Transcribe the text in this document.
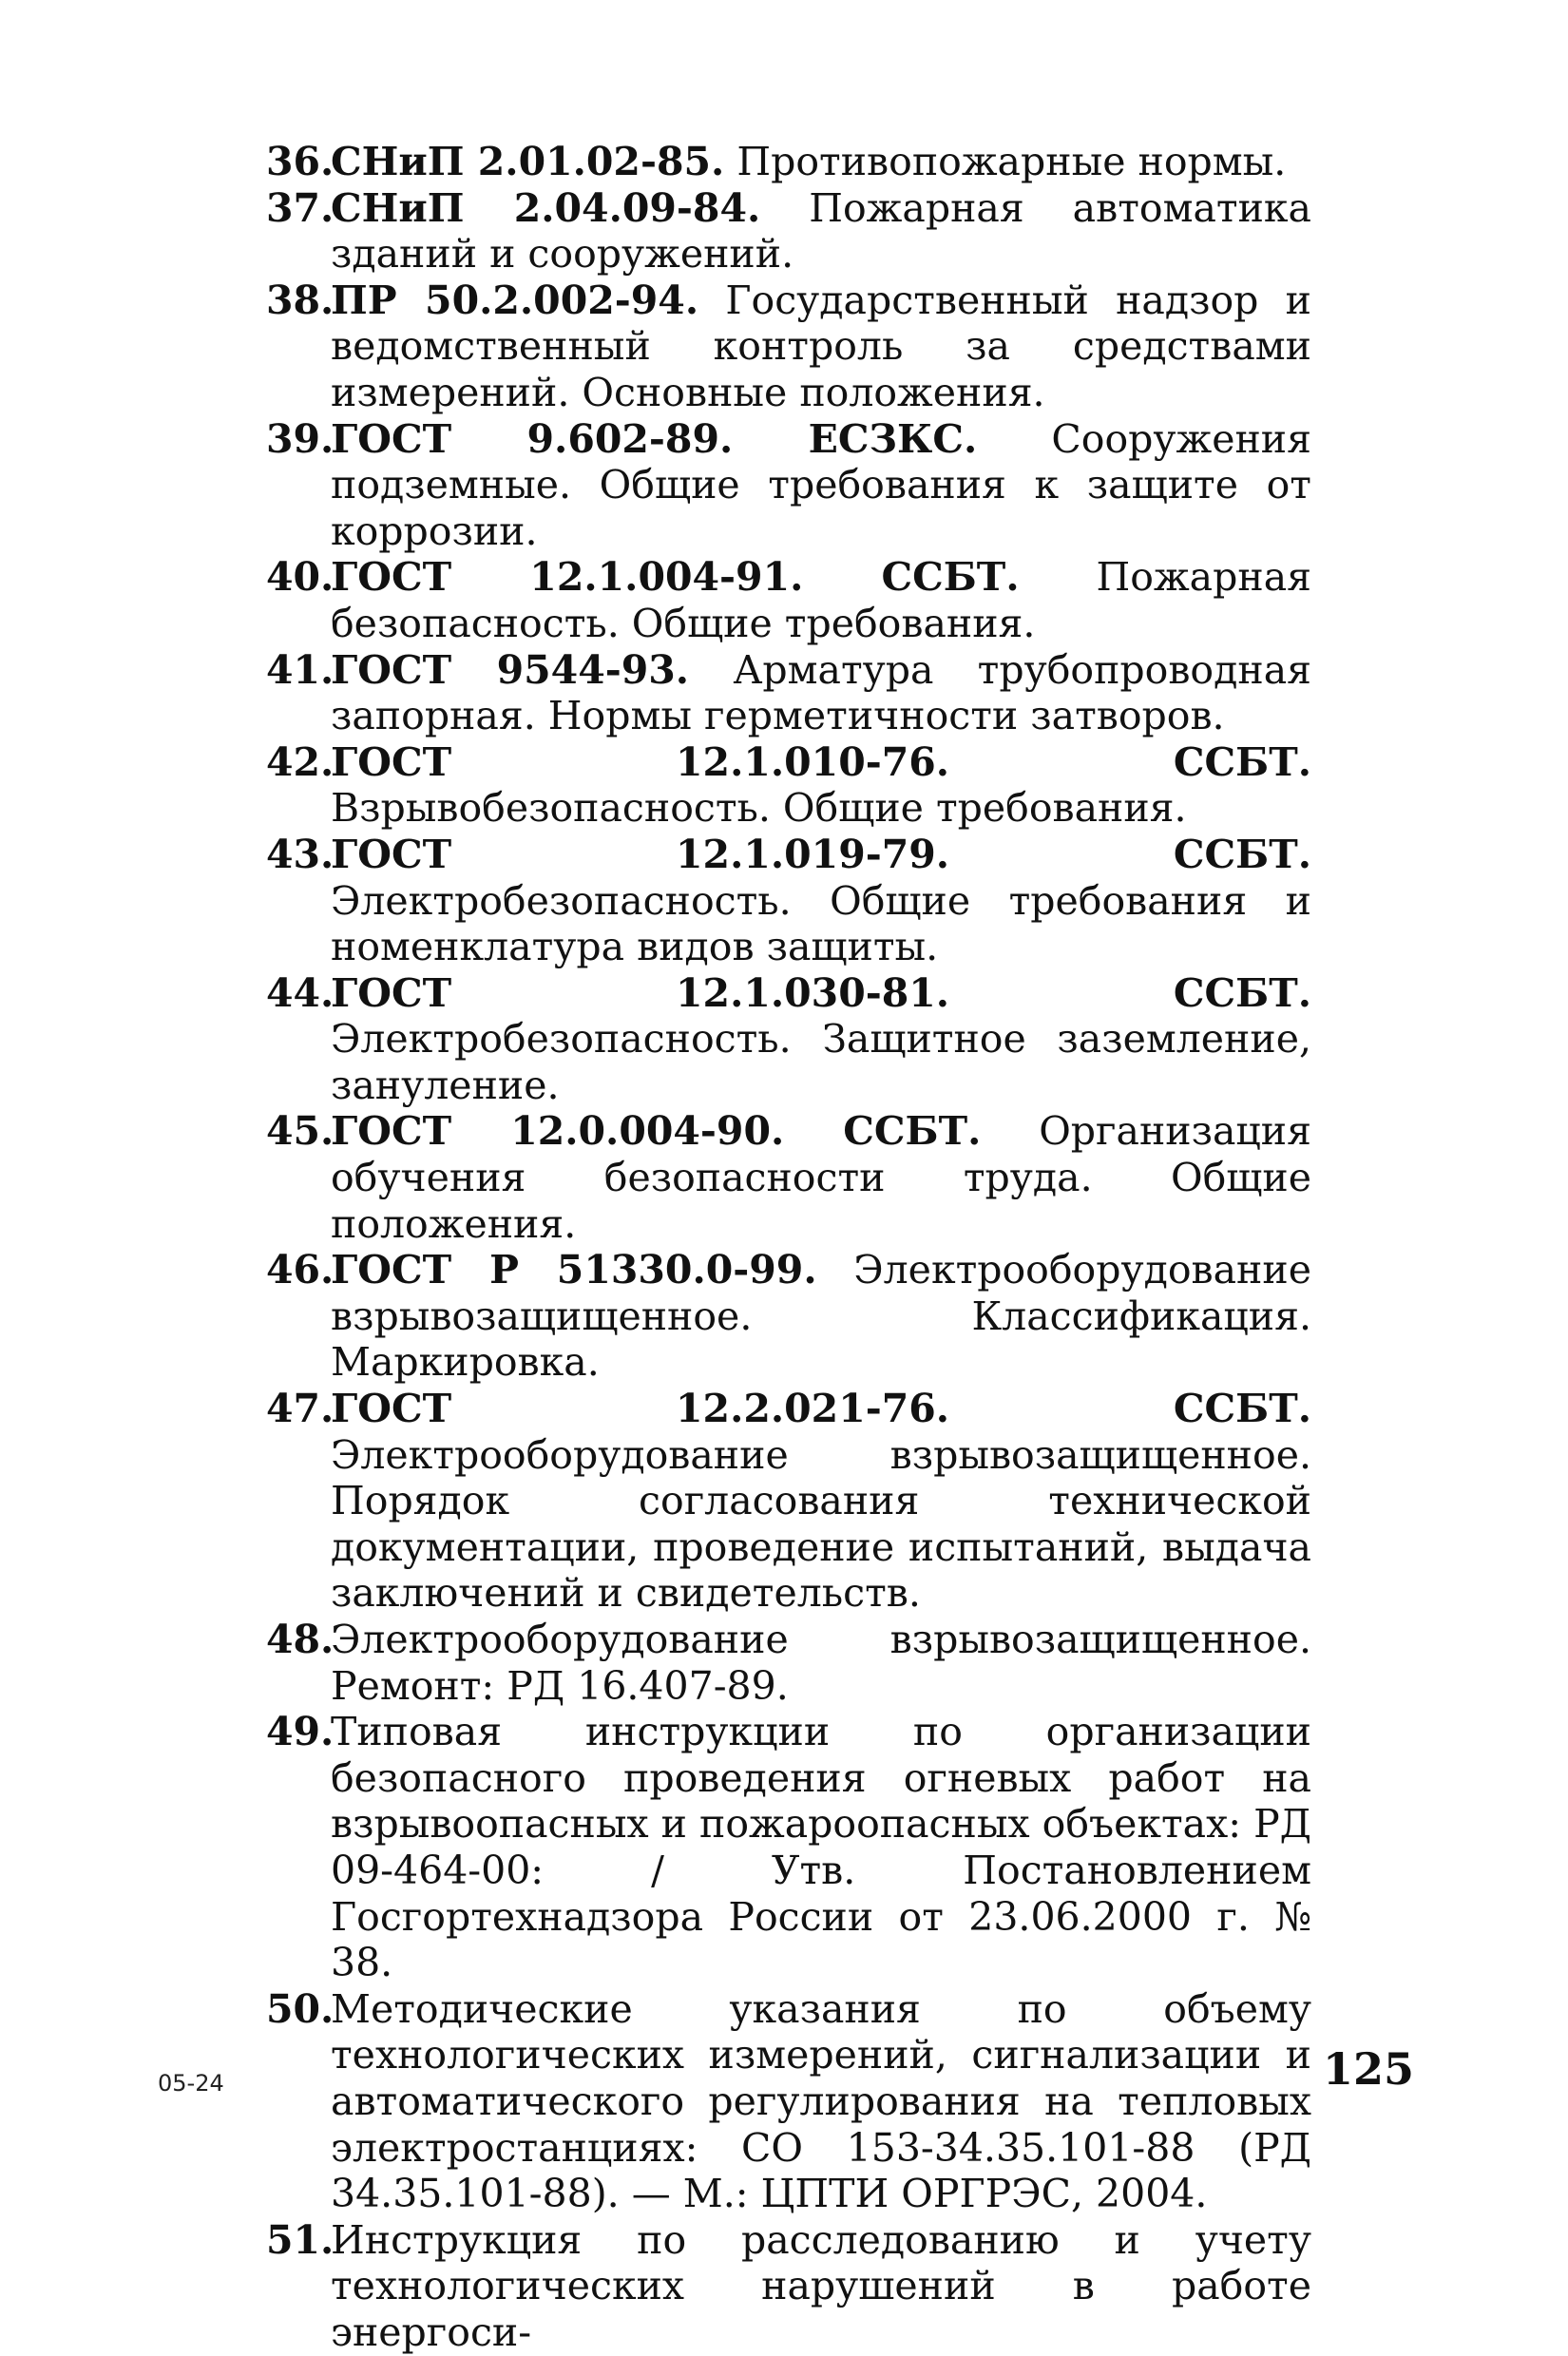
36.
СНиП 2.01.02-85. Противопожарные нормы.
37.
СНиП 2.04.09-84. Пожарная автоматика зданий и сооружений.
38.
ПР 50.2.002-94. Государственный надзор и ведомственный контроль за средствами измерений. Основные положения.
39.
ГОСТ 9.602-89. ЕСЗКС. Сооружения подземные. Общие требования к защите от коррозии.
40.
ГОСТ 12.1.004-91. ССБТ. Пожарная безопасность. Общие требования.
41.
ГОСТ 9544-93. Арматура трубопроводная запорная. Нормы герметичности затворов.
42.
ГОСТ 12.1.010-76. ССБТ. Взрывобезопасность. Общие требования.
43.
ГОСТ 12.1.019-79. ССБТ. Электробезопасность. Общие требования и номенклатура видов защиты.
44.
ГОСТ 12.1.030-81. ССБТ. Электробезопасность. Защитное заземление, зануление.
45.
ГОСТ 12.0.004-90. ССБТ. Организация обучения безопасности труда. Общие положения.
46.
ГОСТ Р 51330.0-99. Электрооборудование взрывозащищенное. Классификация. Маркировка.
47.
ГОСТ 12.2.021-76. ССБТ. Электрооборудование взрывозащищенное. Порядок согласования технической документации, проведение испытаний, выдача заключений и свидетельств.
48.
Электрооборудование взрывозащищенное. Ремонт: РД 16.407-89.
49.
Типовая инструкции по организации безопасного проведения огневых работ на взрывоопасных и пожароопасных объектах: РД 09-464-00: / Утв. Постановлением Госгортехнадзора России от 23.06.2000 г. № 38.
50.
Методические указания по объему технологических измерений, сигнализации и автоматического регулирования на тепловых электростанциях: СО 153-34.35.101-88 (РД 34.35.101-88). — М.: ЦПТИ ОРГРЭС, 2004.
51.
Инструкция по расследованию и учету технологических нарушений в работе энергоси-
05-24	125
